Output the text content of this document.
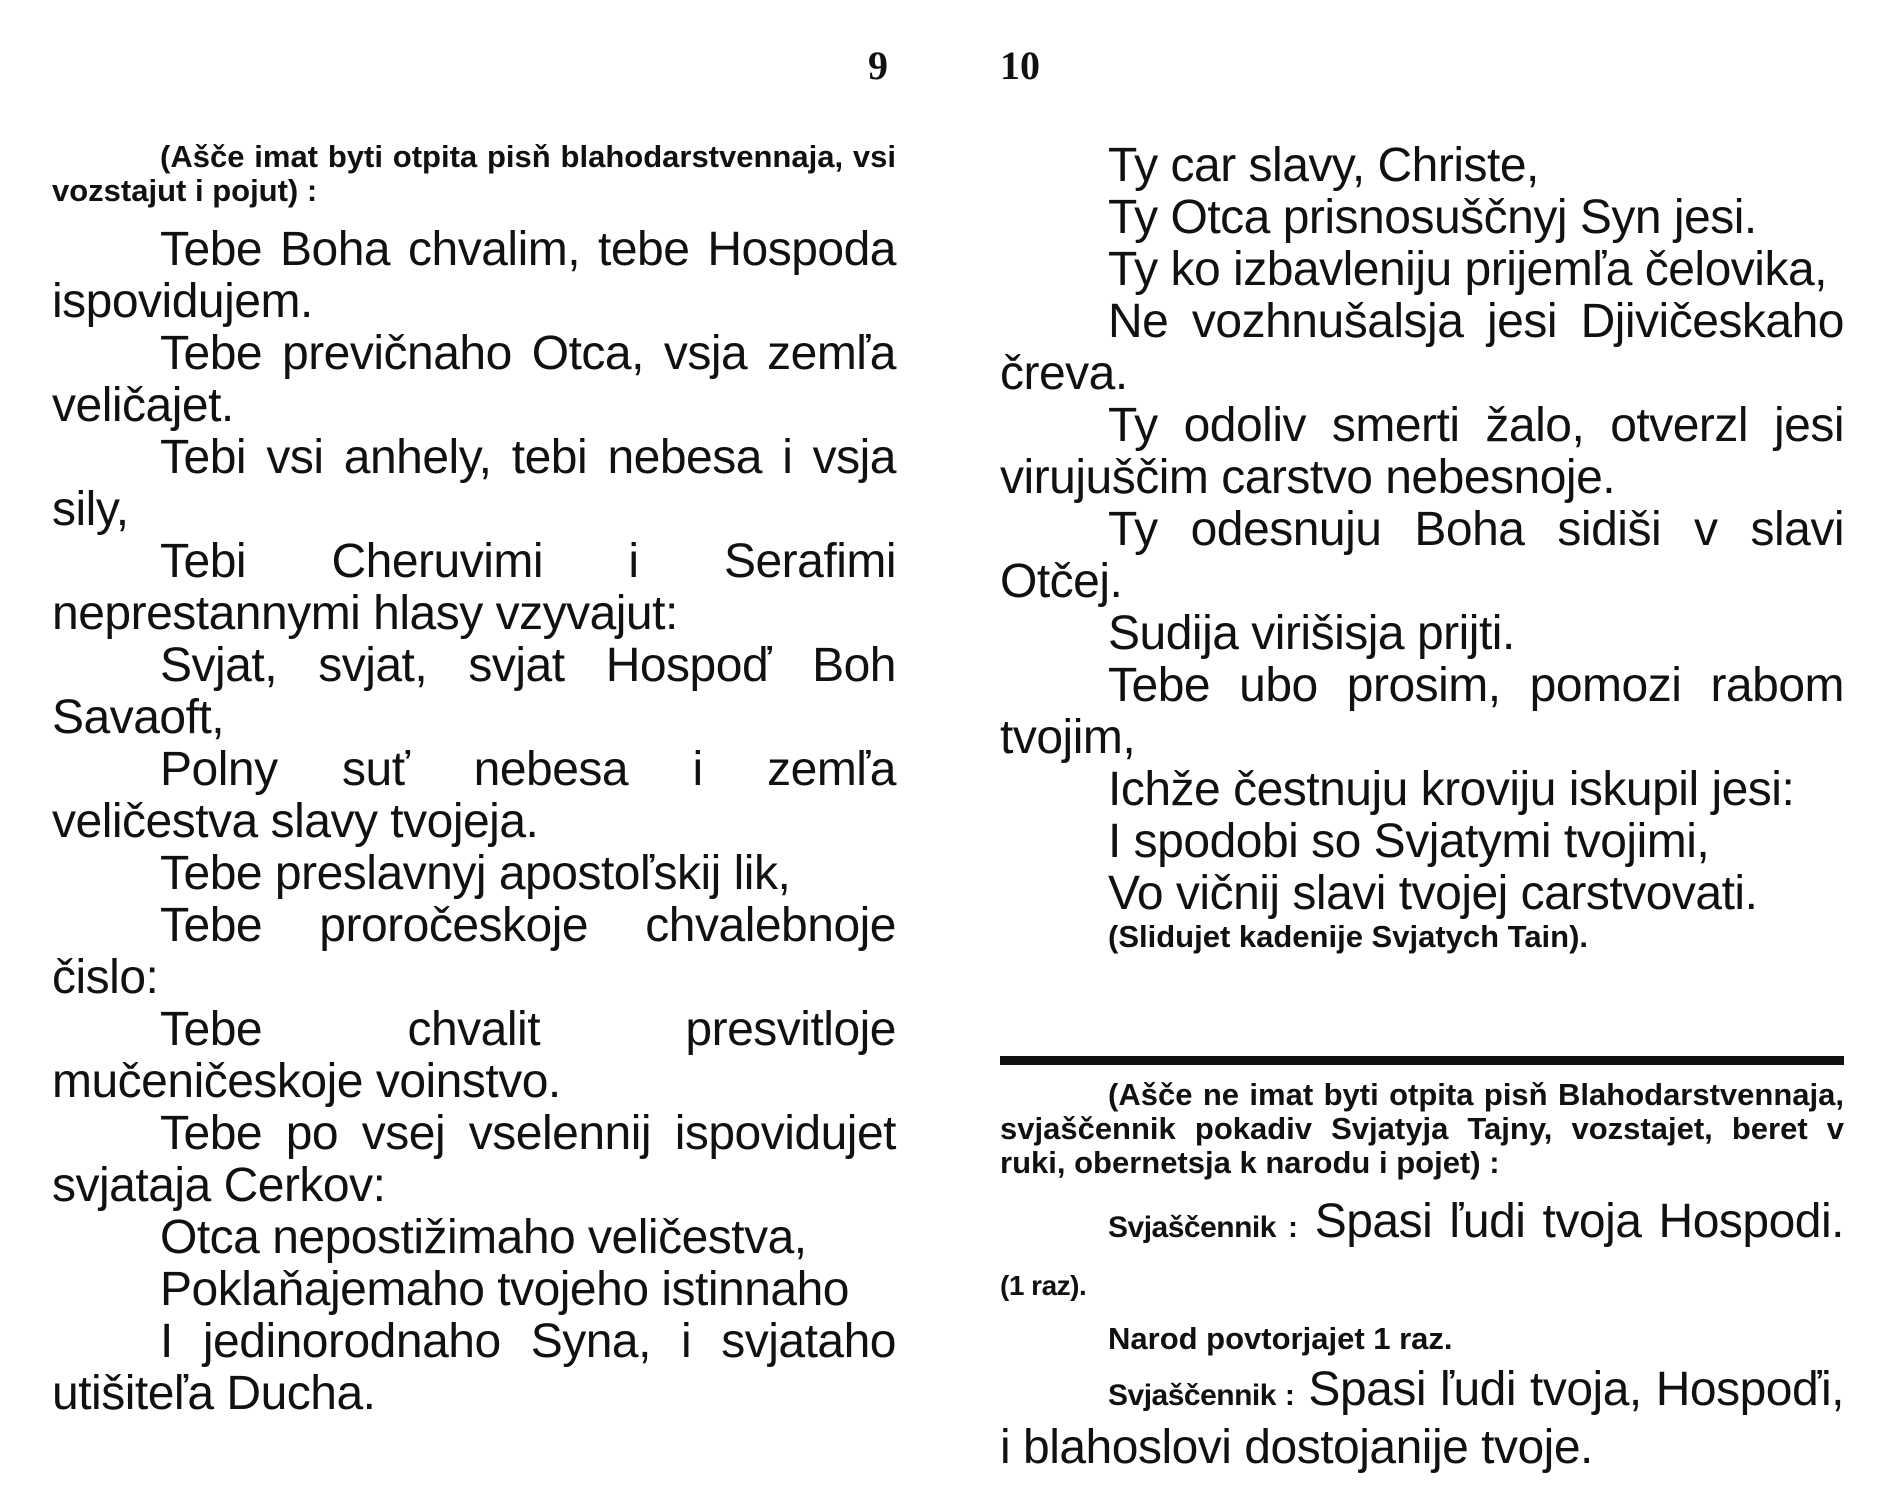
9	10
(Ašče imat byti otpita pisň blahodarstvennaja, vsi vozstajut i pojut) :
Tebe Boha chvalim, tebe Hospoda ispovidujem.
Tebe previčnaho Otca, vsja zemľa veličajet.
Tebi vsi anhely, tebi nebesa i vsja sily,
Tebi Cheruvimi i Serafimi neprestannymi hlasy vzyvajut:
Svjat, svjat, svjat Hospoď Boh Savaoft,
Polny suť nebesa i zemľa veličestva slavy tvojeja.
Tebe preslavnyj apostoľskij lik,
Tebe proročeskoje chvalebnoje čislo:
Tebe chvalit presvitloje mučeničeskoje voinstvo.
Tebe po vsej vselennij ispovidujet svjataja Cerkov:
Otca nepostižimaho veličestva,
Poklaňajemaho tvojeho istinnaho
I jedinorodnaho Syna, i svjataho utišiteľa Ducha.
Ty car slavy, Christe,
Ty Otca prisnosuščnyj Syn jesi.
Ty ko izbavleniju prijemľa čelovika,
Ne vozhnušalsja jesi Djivičeskaho čreva.
Ty odoliv smerti žalo, otverzl jesi virujuščim carstvo nebesnoje.
Ty odesnuju Boha sidiši v slavi Otčej.
Sudija virišisja prijti.
Tebe ubo prosim, pomozi rabom tvojim,
Ichže čestnuju kroviju iskupil jesi:
I spodobi so Svjatymi tvojimi,
Vo vičnij slavi tvojej carstvovati.
(Slidujet kadenije Svjatych Tain).
(Ašče ne imat byti otpita pisň Blahodarstvennaja, svjaščennik pokadiv Svjatyja Tajny, vozstajet, beret v ruki, obernetsja k narodu i pojet) :
Svjaščennik : Spasi ľudi tvoja Hospodi. (1 raz).
Narod povtorjajet 1 raz.
Svjaščennik : Spasi ľudi tvoja, Hospoďi, i blahoslovi dostojanije tvoje.
